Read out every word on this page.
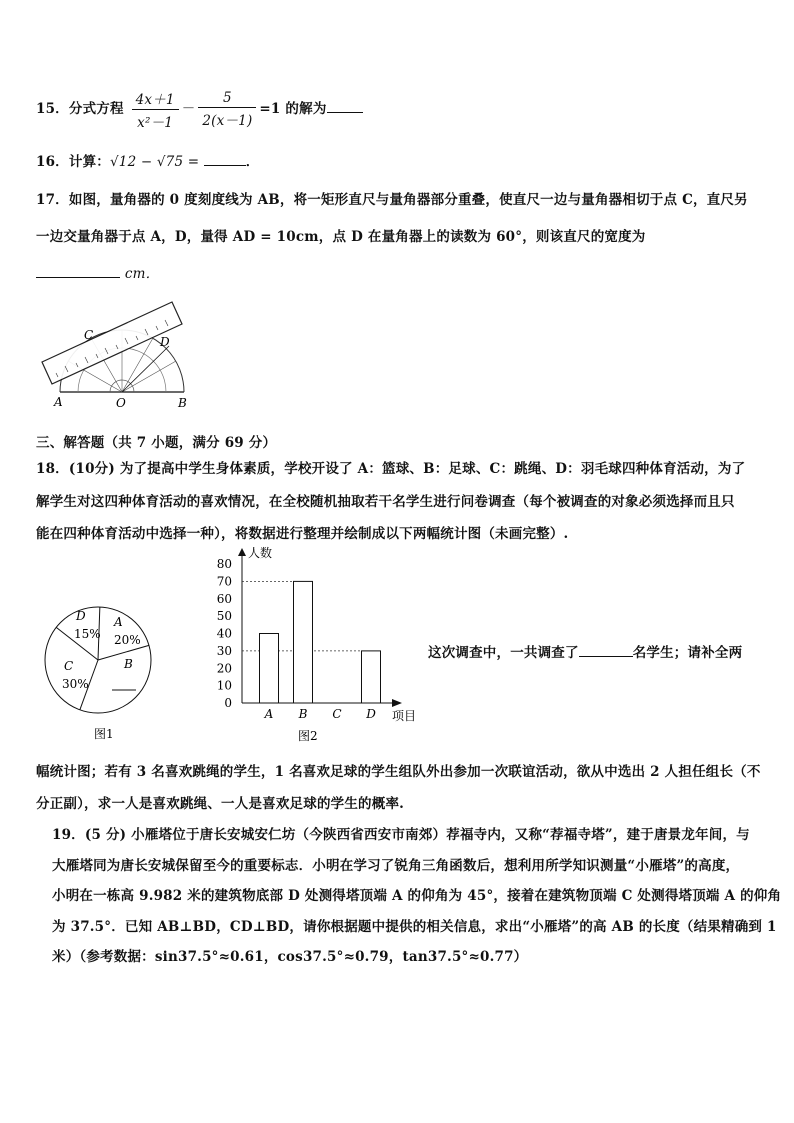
15．分式方程 $\frac{4x+1}{\text{x²－1}} - \frac{5}{2(x-1)} =1$ 的解为
16．计算：√12 − √75 =	．
17．如图，量角器的 0 度刻度线为 AB，将一矩形直尺与量角器部分重叠，使直尺一边与量角器相切于点 C，直尺另
一边交量角器于点 A，D，量得 AD = 10cm，点 D 在量角器上的读数为 60°，则该直尺的宽度为
cm．
C	D
A	O	B
三、解答题（共 7 小题，满分 69 分）
18．(10分) 为了提高中学生身体素质，学校开设了 A：篮球、B：足球、C：跳绳、D：羽毛球四种体育活动，为了
解学生对这四种体育活动的喜欢情况，在全校随机抽取若干名学生进行问卷调查（每个被调查的对象必须选择而且只
能在四种体育活动中选择一种），将数据进行整理并绘制成以下两幅统计图（未画完整）.
A
20%
B
C
30%
D
15%
图1
人数
项目
图2
0
10
20
30
40
50
60
70
80
A B C D
这次调查中，一共调查了	名学生；请补全两
幅统计图；若有 3 名喜欢跳绳的学生，1 名喜欢足球的学生组队外出参加一次联谊活动，欲从中选出 2 人担任组长（不
分正副），求一人是喜欢跳绳、一人是喜欢足球的学生的概率.
19．(5 分) 小雁塔位于唐长安城安仁坊（今陕西省西安市南郊）荐福寺内，又称“荐福寺塔”，建于唐景龙年间，与
大雁塔同为唐长安城保留至今的重要标志．小明在学习了锐角三角函数后，想利用所学知识测量“小雁塔”的高度，
小明在一栋高 9.982 米的建筑物底部 D 处测得塔顶端 A 的仰角为 45°，接着在建筑物顶端 C 处测得塔顶端 A 的仰角
为 37.5°．已知 AB⊥BD，CD⊥BD，请你根据题中提供的相关信息，求出“小雁塔”的高 AB 的长度（结果精确到 1
米）（参考数据：sin37.5°≈0.61，cos37.5°≈0.79，tan37.5°≈0.77）
